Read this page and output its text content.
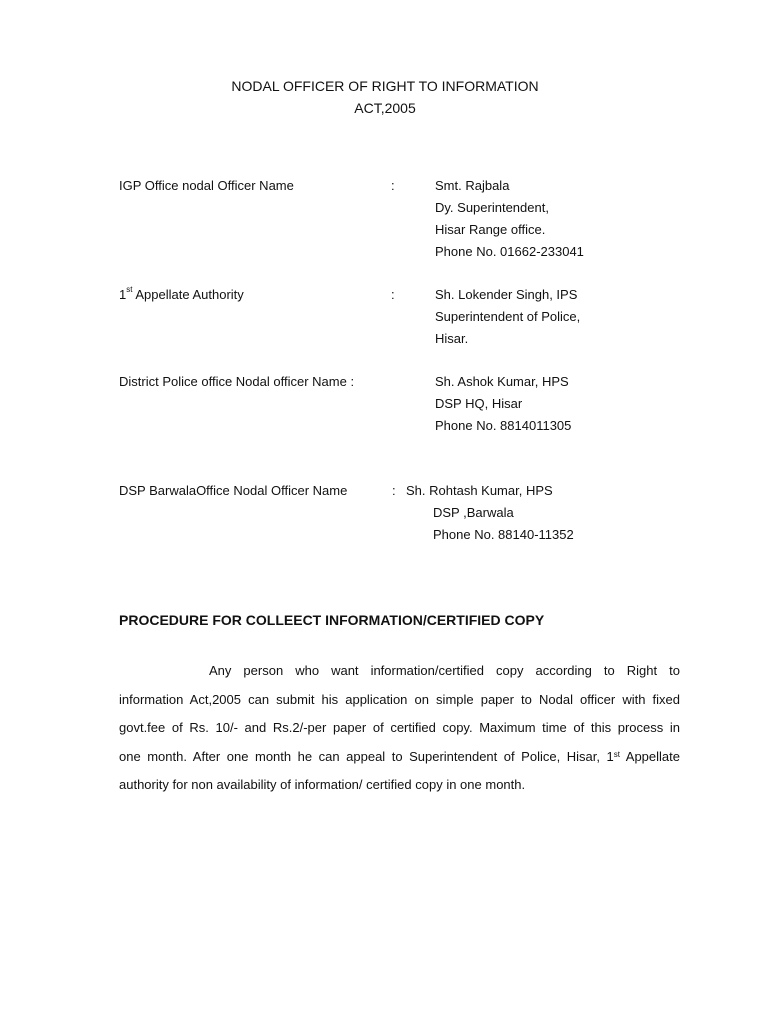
NODAL OFFICER OF RIGHT TO INFORMATION
ACT,2005
IGP Office nodal Officer Name	:	Smt. Rajbala
Dy. Superintendent,
Hisar Range office.
Phone No. 01662-233041
1st Appellate Authority	:	Sh. Lokender Singh, IPS
Superintendent of Police,
Hisar.
District Police office Nodal officer Name :	Sh. Ashok Kumar, HPS
DSP HQ, Hisar
Phone No. 8814011305
DSP BarwalaOffice Nodal Officer Name	: Sh. Rohtash Kumar, HPS
DSP ,Barwala
Phone No. 88140-11352
PROCEDURE FOR COLLEECT INFORMATION/CERTIFIED COPY
Any person who want information/certified copy according to Right to
information Act,2005 can submit his application on simple paper to Nodal officer with fixed
govt.fee of Rs. 10/- and Rs.2/-per paper of certified copy. Maximum time of this process in
one month. After one month he can appeal to Superintendent of Police, Hisar, 1st Appellate
authority for non availability of information/ certified copy in one month.
